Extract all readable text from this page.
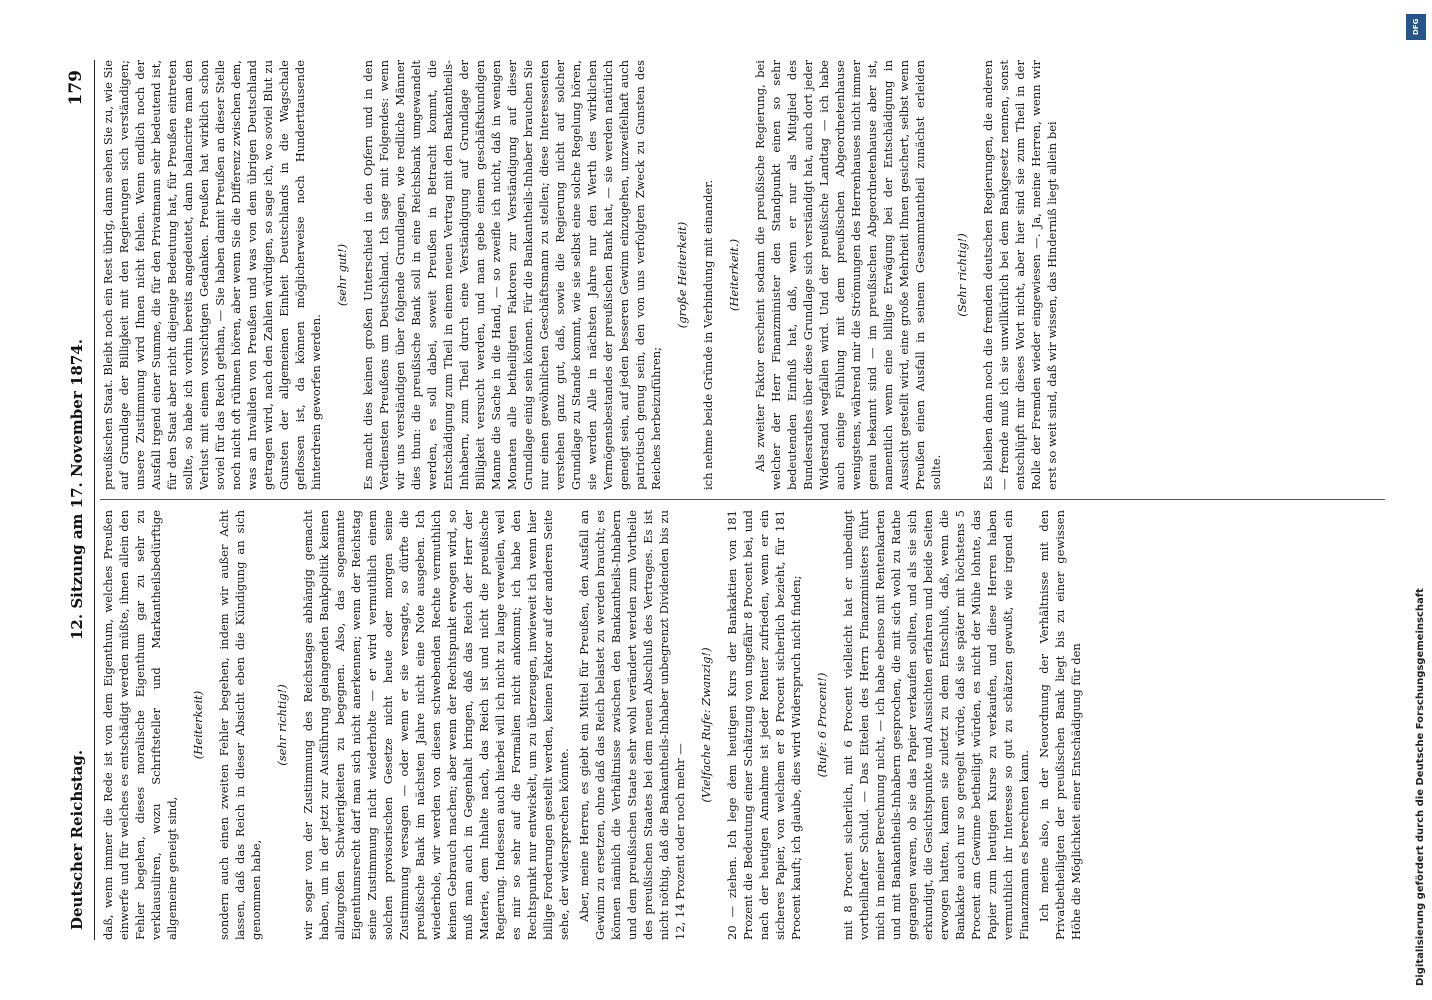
Deutscher Reichstag.
12. Sitzung am 17. November 1874.
179

daß, wenn immer die Rede ist von dem Eigenthum, welches Preußen einwerfe und für welches es entschädigt werden müßte, ihnen allein den Fehler begehen, dieses moralische Eigenthum gar zu sehr zu verklausuliren, wozu Schriftsteller und Markantheilsbedürftige allgemeine geneigt sind,

(Heiterkeit) sondern auch einen zweiten Fehler begehen, indem wir außer Acht lassen, daß das Reich in dieser Absicht eben die Kündigung an sich genommen habe,

(sehr richtig!) wir sogar von der Zustimmung des Reichstages abhängig gemacht haben, um in der jetzt zur Ausführung gelangenden Bankpolitik keinen allzugroßen Schwierigkeiten zu begegnen. Also, das sogenannte Eigenthumsrecht darf man sich nicht anerkennen; wenn der Reichstag seine Zustimmung nicht wiederholte — er wird vermuthlich einem solchen provisorischen Gesetze nicht heute oder morgen seine Zustimmung versagen — oder wenn er sie versagte, so dürfte die preußische Bank im nächsten Jahre nicht eine Note ausgeben. Ich wiederhole, wir werden von diesen schwebenden Rechte vermuthlich keinen Gebrauch machen; aber wenn der Rechtspunkt erwogen wird, so muß man auch in Gegenhalt bringen, daß das Reich der Herr der Materie, dem Inhalte nach, das Reich ist und nicht die preußische Regierung. Indessen auch hierbei will ich nicht zu lange verweilen, weil es mir so sehr auf die Formalien nicht ankommt; ich habe den Rechtspunkt nur entwickelt, um zu überzeugen, inwieweit ich wenn hier billige Forderungen gestellt werden, keinen Faktor auf der anderen Seite sehe, der widersprechen könnte. Aber, meine Herren, es giebt ein Mittel für Preußen, den Ausfall an Gewinn zu ersetzen, ohne daß das Reich belastet zu werden braucht; es können nämlich die Verhältnisse zwischen den Bankantheils-Inhabern und dem preußischen Staate sehr wohl verändert werden zum Vortheile des preußischen Staates bei dem neuen Abschluß des Vertrages. Es ist nicht nöthig, daß die Bankantheils-Inhaber unbegrenzt Dividenden bis zu 12, 14 Prozent oder noch mehr —

(Vielfache Rufe: Zwanzig!) 20 — ziehen. Ich lege dem heutigen Kurs der Bankaktien von 181 Prozent die Bedeutung einer Schätzung von ungefähr 8 Procent bei, und nach der heutigen Annahme ist jeder Rentier zufrieden, wenn er ein sicheres Papier, von welchem er 8 Procent sicherlich bezieht, für 181 Procent kauft; ich glaube, dies wird Widerspruch nicht finden; (Rufe: 6 Procent!) mit 8 Procent sicherlich, mit 6 Procent vielleicht hat er unbedingt vortheilhafter Schuld. — Das Eitelen des Herrn Finanzministers führt mich in meiner Berechnung nicht, — ich habe ebenso mit Rentenkarten und mit Bankantheils-Inhabern gesprochen, die mit sich wohl zu Rathe gegangen waren, ob sie das Papier verkaufen sollten, und als sie sich erkundigt, die Gesichtspunkte und Aussichten erfahren und beide Seiten erwogen hatten, kamen sie zuletzt zu dem Entschluß, daß, wenn die Bankakte auch nur so geregelt würde, daß sie später mit höchstens 5 Procent am Gewinne betheiligt würden, es nicht der Mühe lohnte, das Papier zum heutigen Kurse zu verkaufen, und diese Herren haben vermuthlich ihr Interesse so gut zu schätzen gewußt, wie irgend ein Finanzmann es berechnen kann. Ich meine also, in der Neuordnung der Verhältnisse mit den Privatbetheiligten der preußischen Bank liegt bis zu einer gewissen Höhe die Möglichkeit einer Entschädigung für den

preußischen Staat. Bleibt noch ein Rest übrig, dann sehen Sie zu, wie Sie auf Grundlage der Billigkeit mit den Regierungen sich verständigen; unsere Zustimmung wird Ihnen nicht fehlen. Wenn endlich noch der Ausfall irgend einer Summe, die für den Privatmann sehr bedeutend ist, für den Staat aber nicht diejenige Bedeutung hat, für Preußen eintreten sollte, so habe ich vorhin bereits angedeutet, dann balancirte man den Verlust mit einem vorsichtigen Gedanken. Preußen hat wirklich schon soviel für das Reich gethan, — Sie haben damit Preußen an dieser Stelle noch nicht oft rühmen hören, aber wenn Sie die Differenz zwischen dem, was an Invaliden von Preußen und was von dem übrigen Deutschland getragen wird, nach den Zahlen würdigen, so sage ich, wo soviel Blut zu Gunsten der allgemeinen Einheit Deutschlands in die Wagschale geflossen ist, da können möglicherweise noch Hunderttausende hinterdrein geworfen werden.

(sehr gut!) Es macht dies keinen großen Unterschied in den Opfern und in den Verdiensten Preußens um Deutschland. Ich sage mit Folgendes: wenn wir uns verständigen über folgende Grundlagen, wie redliche Männer dies thun: die preußische Bank soll in eine Reichsbank umgewandelt werden, es soll dabei, soweit Preußen in Betracht kommt, die Entschädigung zum Theil in einem neuen Vertrag mit den Bankantheils-Inhabern, zum Theil durch eine Verständigung auf Grundlage der Billigkeit versucht werden, und man gebe einem geschäftskundigen Manne die Sache in die Hand, — so zweifle ich nicht, daß in wenigen Monaten alle betheiligten Faktoren zur Verständigung auf dieser Grundlage einig sein können. Für die Bankantheils-Inhaber brauchen Sie nur einen gewöhnlichen Geschäftsmann zu stellen; diese Interessenten verstehen ganz gut, daß, sowie die Regierung nicht auf solcher Grundlage zu Stande kommt, wie sie selbst eine solche Regelung hören, sie werden Alle in nächsten Jahre nur den Werth des wirklichen Vermögensbestandes der preußischen Bank hat, — sie werden natürlich geneigt sein, auf jeden besseren Gewinn einzugehen, unzweifelhaft auch patriotisch genug sein, den von uns verfolgten Zweck zu Gunsten des Reiches herbeizuführen;

(große Heiterkeit) ich nehme beide Gründe in Verbindung mit einander. (Heiterkeit.) Als zweiter Faktor erscheint sodann die preußische Regierung, bei welcher der Herr Finanzminister den Standpunkt einen so sehr bedeutenden Einfluß hat, daß, wenn er nur als Mitglied des Bundesrathes über diese Grundlage sich verständigt hat, auch dort jeder Widerstand wegfallen wird. Und der preußische Landtag — ich habe auch einige Fühlung mit dem preußischen Abgeordnetenhause wenigstens, während mir die Strömungen des Herrenhauses nicht immer genau bekannt sind — im preußischen Abgeordnetenhause aber ist, namentlich wenn eine billige Erwägung bei der Entschädigung in Aussicht gestellt wird, eine große Mehrheit Ihnen gesichert, selbst wenn Preußen einen Ausfall in seinem Gesammtantheil zunächst erleiden sollte.

(Sehr richtig!) Es bleiben dann noch die fremden deutschen Regierungen, die anderen — fremde muß ich sie unwillkürlich bei dem Bankgesetz nennen, sonst entschlüpft mir dieses Wort nicht, aber hier sind sie zum Theil in der Rolle der Fremden wieder eingewiesen —. Ja, meine Herren, wenn wir erst so weit sind, daß wir wissen, das Hinderniß liegt allein bei

DFG
Digitalisierung gefördert durch die Deutsche Forschungsgemeinschaft
